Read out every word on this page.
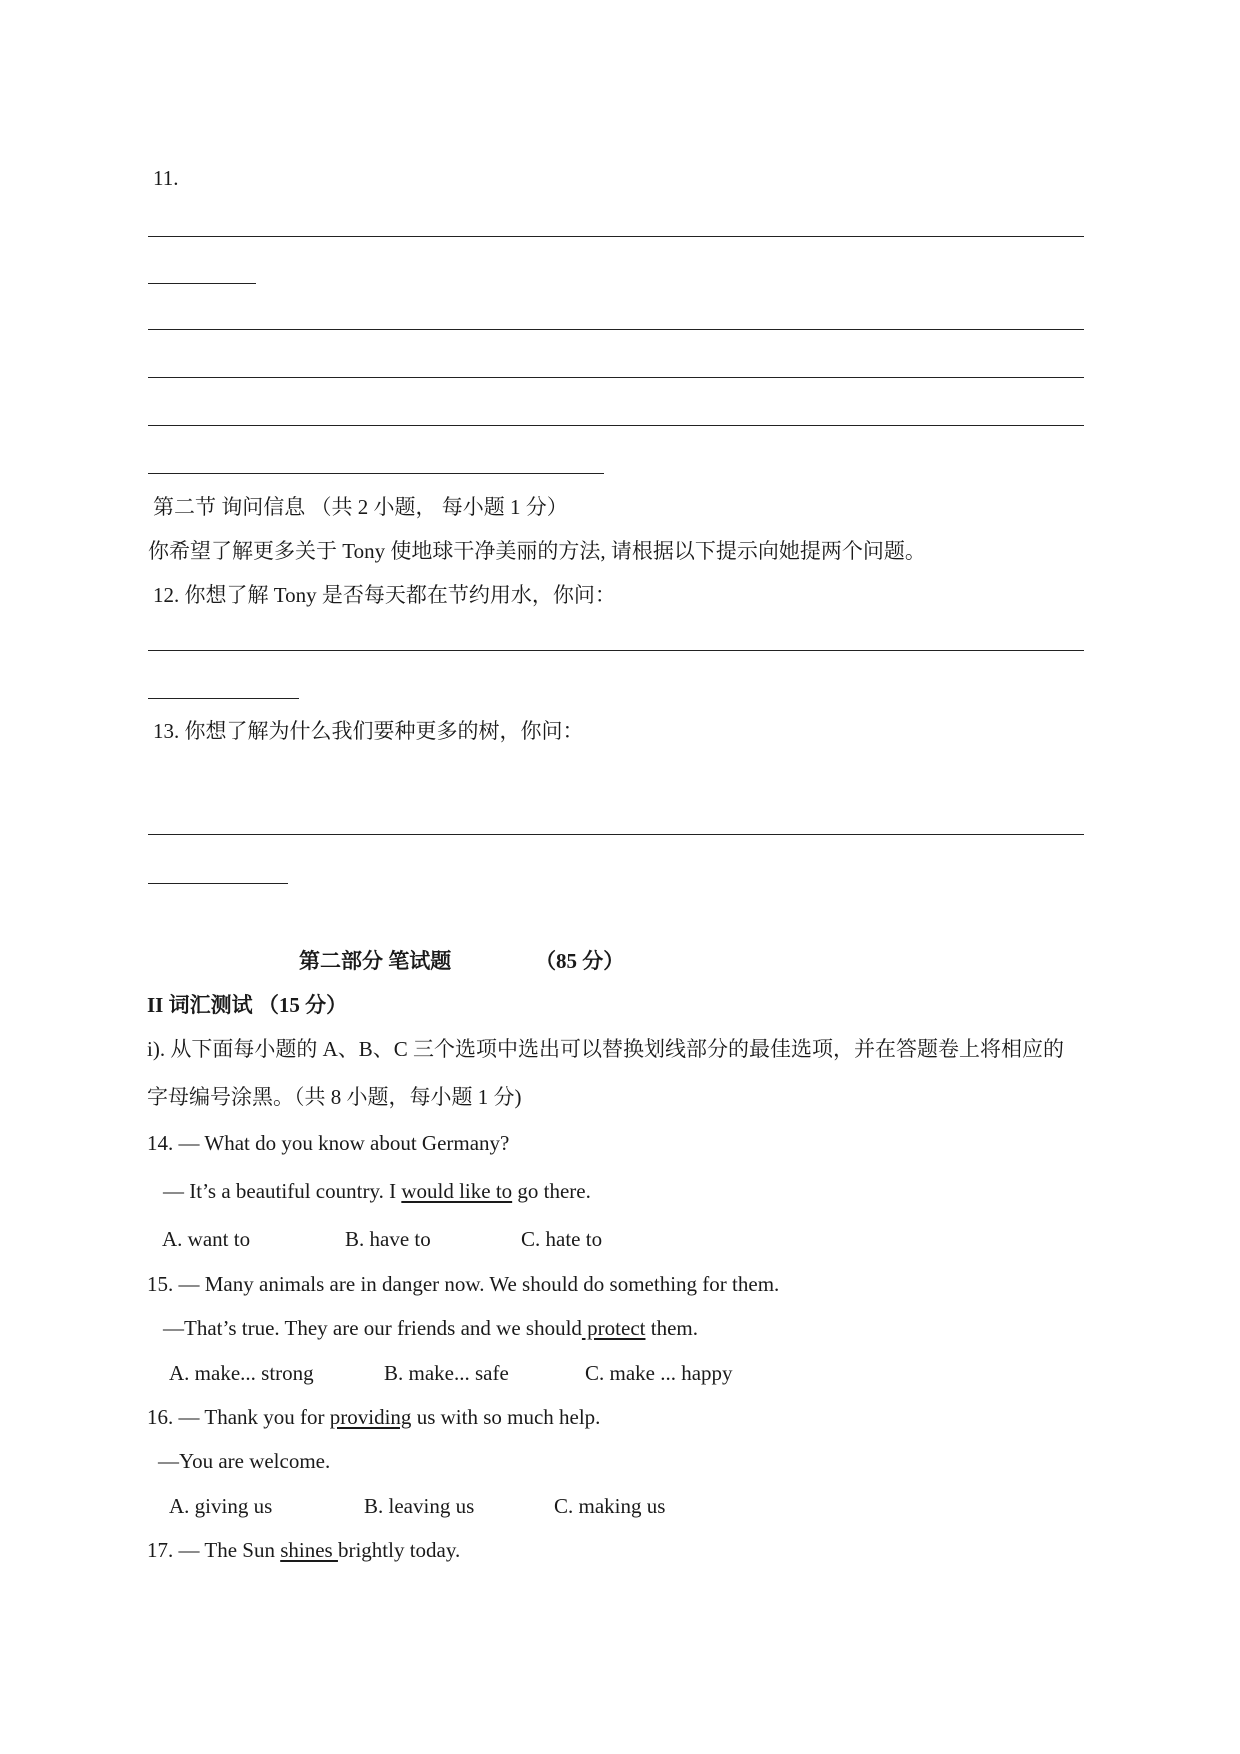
11.
第二节 询问信息 （共 2 小题， 每小题 1 分）
你希望了解更多关于 Tony 使地球干净美丽的方法, 请根据以下提示向她提两个问题。
12. 你想了解 Tony 是否每天都在节约用水，你问：
13. 你想了解为什么我们要种更多的树，你问：
第二部分 笔试题	（85 分）
II 词汇测试 （15 分）
i). 从下面每小题的 A、B、C 三个选项中选出可以替换划线部分的最佳选项，并在答题卷上将相应的
字母编号涂黑。（共 8 小题，每小题 1 分)
14. — What do you know about Germany?
— It’s a beautiful country. I would like to go there.
A. want to	B. have to	C. hate to
15. — Many animals are in danger now. We should do something for them.
—That’s true. They are our friends and we should protect them.
A. make... strong	B. make... safe	C. make ... happy
16. — Thank you for providing us with so much help.
—You are welcome.
A. giving us	B. leaving us	C. making us
17. — The Sun shines brightly today.
